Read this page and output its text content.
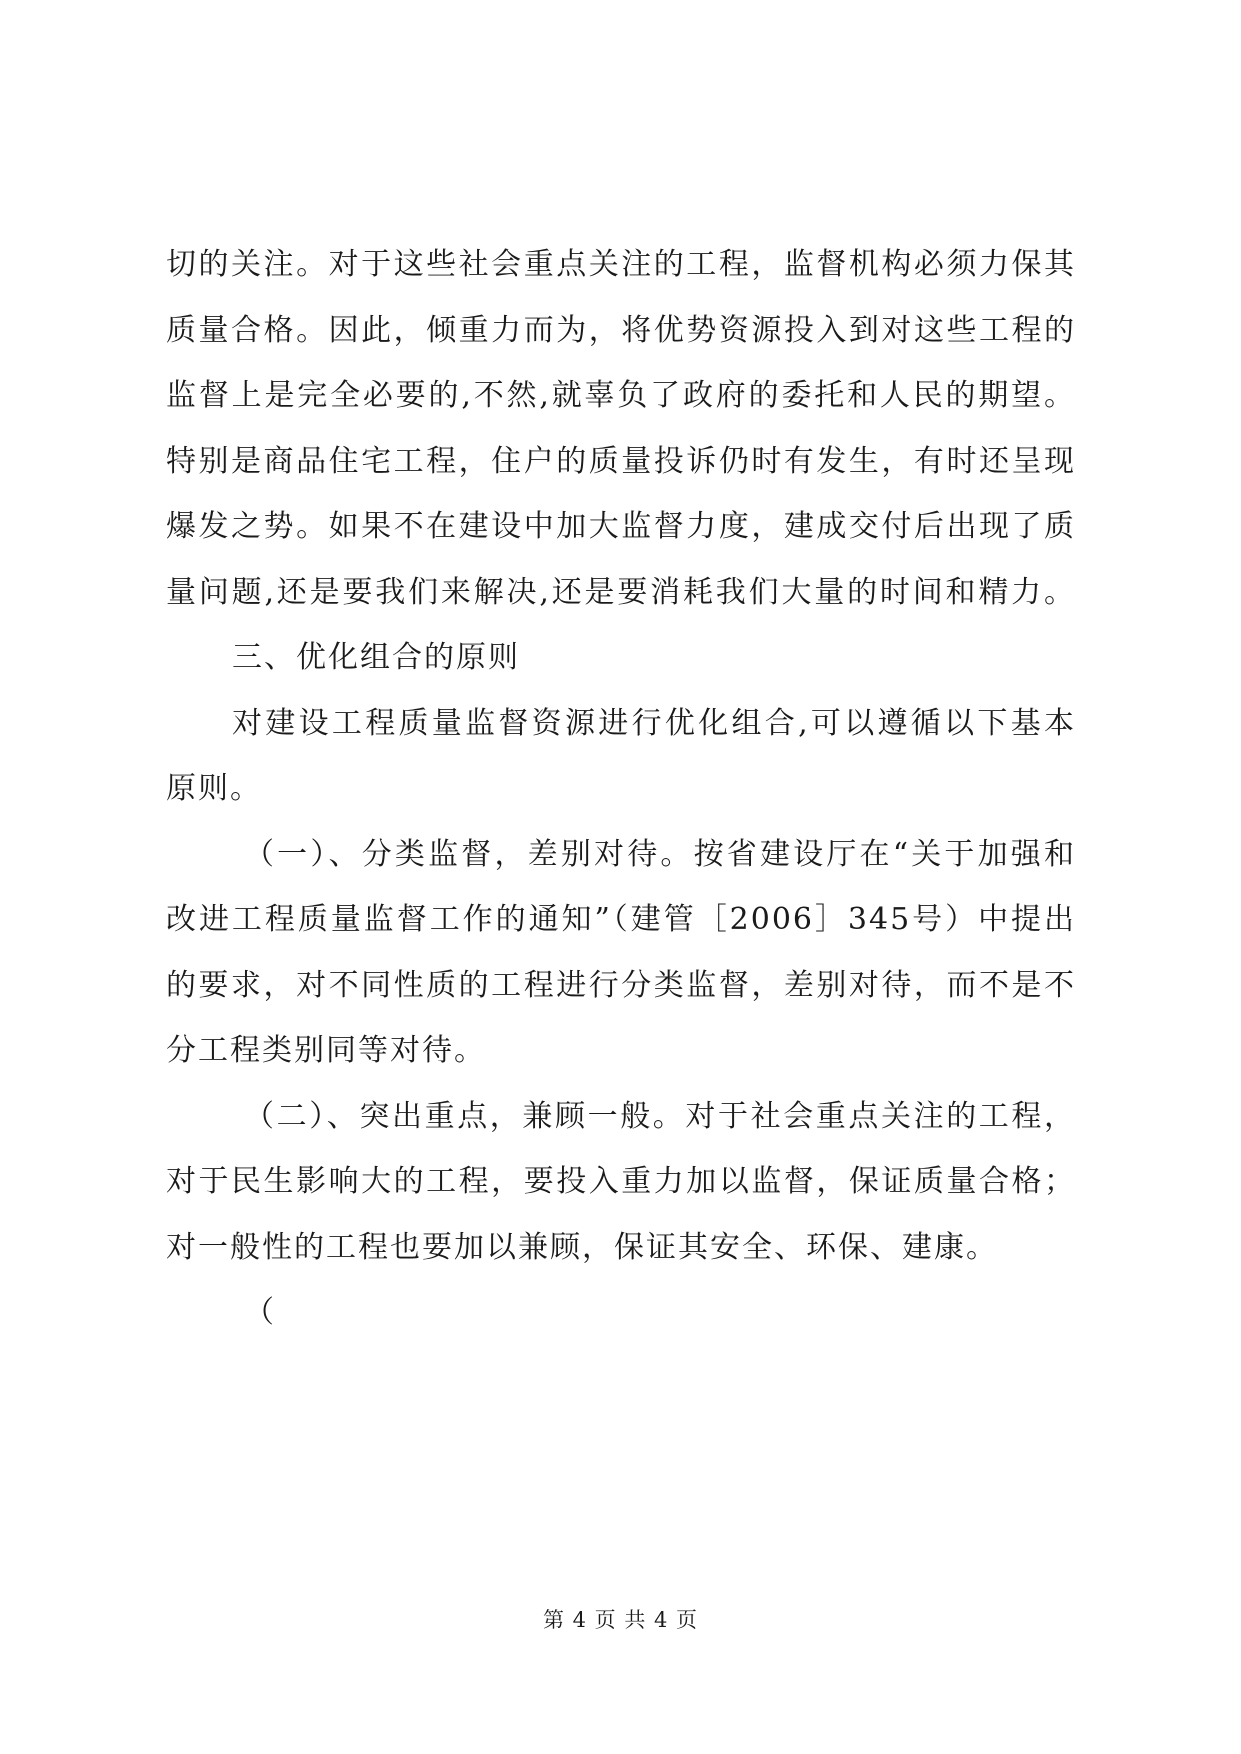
切的关注。对于这些社会重点关注的工程，监督机构必须力保其
质量合格。因此，倾重力而为，将优势资源投入到对这些工程的
监督上是完全必要的,不然,就辜负了政府的委托和人民的期望。
特别是商品住宅工程，住户的质量投诉仍时有发生，有时还呈现
爆发之势。如果不在建设中加大监督力度，建成交付后出现了质
量问题,还是要我们来解决,还是要消耗我们大量的时间和精力。
三、优化组合的原则
对建设工程质量监督资源进行优化组合,可以遵循以下基本
原则。
（一）、分类监督，差别对待。按省建设厅在“关于加强和
改进工程质量监督工作的通知”（建管［2006］345号）中提出
的要求，对不同性质的工程进行分类监督，差别对待，而不是不
分工程类别同等对待。
（二）、突出重点，兼顾一般。对于社会重点关注的工程，
对于民生影响大的工程，要投入重力加以监督，保证质量合格；
对一般性的工程也要加以兼顾，保证其安全、环保、建康。
（
第 4 页 共 4 页
